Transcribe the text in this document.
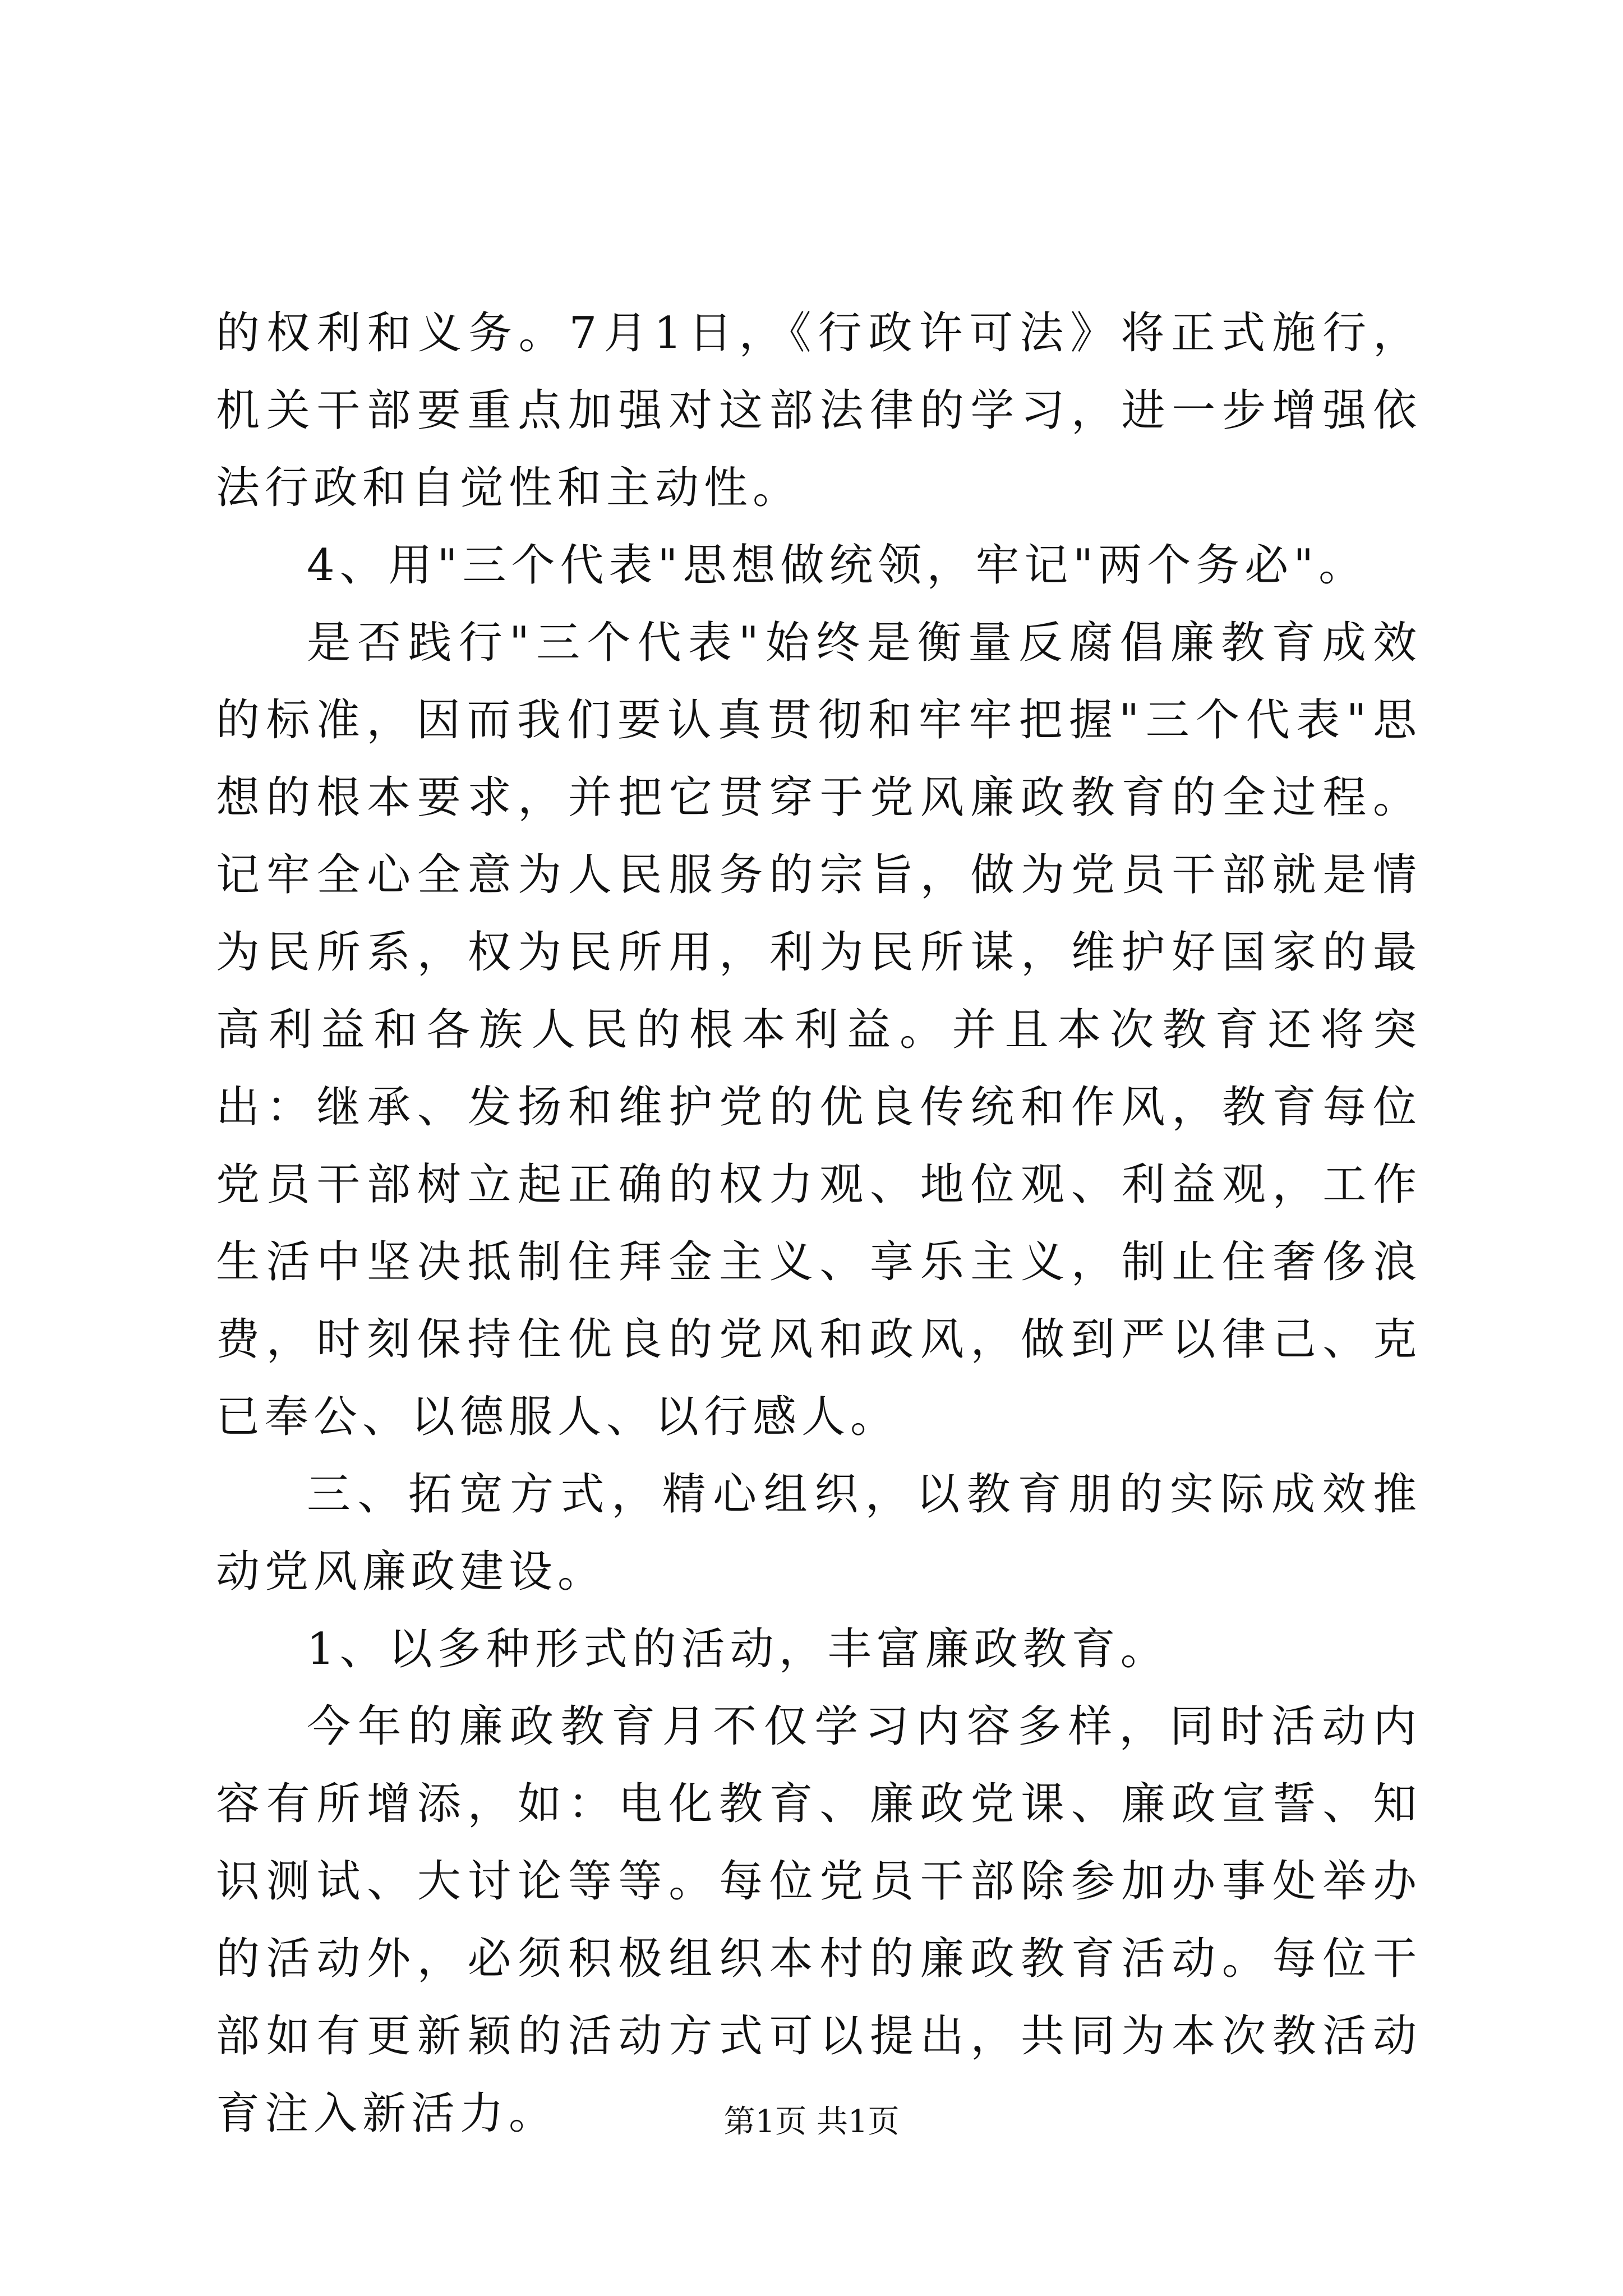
的权利和义务。7月1日，《行政许可法》将正式施行，机关干部要重点加强对这部法律的学习，进一步增强依法行政和自觉性和主动性。

4、用"三个代表"思想做统领，牢记"两个务必"。

是否践行"三个代表"始终是衡量反腐倡廉教育成效的标准，因而我们要认真贯彻和牢牢把握"三个代表"思想的根本要求，并把它贯穿于党风廉政教育的全过程。记牢全心全意为人民服务的宗旨，做为党员干部就是情为民所系，权为民所用，利为民所谋，维护好国家的最高利益和各族人民的根本利益。并且本次教育还将突出：继承、发扬和维护党的优良传统和作风，教育每位党员干部树立起正确的权力观、地位观、利益观，工作生活中坚决抵制住拜金主义、享乐主义，制止住奢侈浪费，时刻保持住优良的党风和政风，做到严以律己、克已奉公、以德服人、以行感人。

三、拓宽方式，精心组织，以教育朋的实际成效推动党风廉政建设。

1、以多种形式的活动，丰富廉政教育。

今年的廉政教育月不仅学习内容多样，同时活动内容有所增添，如：电化教育、廉政党课、廉政宣誓、知识测试、大讨论等等。每位党员干部除参加办事处举办的活动外，必须积极组织本村的廉政教育活动。每位干部如有更新颖的活动方式可以提出，共同为本次教活动育注入新活力。	第1页 共1页
